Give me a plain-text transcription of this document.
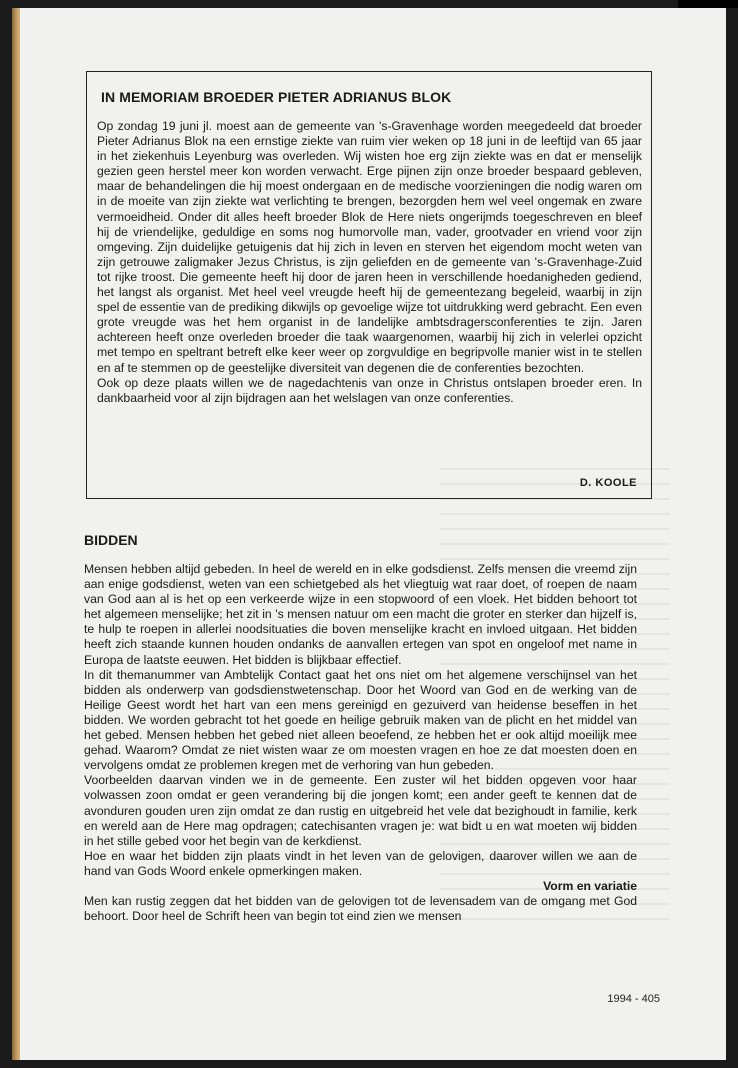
IN MEMORIAM BROEDER PIETER ADRIANUS BLOK

Op zondag 19 juni jl. moest aan de gemeente van 's-Gravenhage worden meegedeeld dat broeder Pieter Adrianus Blok na een ernstige ziekte van ruim vier weken op 18 juni in de leeftijd van 65 jaar in het ziekenhuis Leyenburg was overleden. Wij wisten hoe erg zijn ziekte was en dat er menselijk gezien geen herstel meer kon worden verwacht. Erge pijnen zijn onze broeder bespaard gebleven, maar de behandelingen die hij moest ondergaan en de medische voorzieningen die nodig waren om in de moeite van zijn ziekte wat verlichting te brengen, bezorgden hem wel veel ongemak en zware vermoeidheid. Onder dit alles heeft broeder Blok de Here niets ongerijmds toegeschreven en bleef hij de vriendelijke, geduldige en soms nog humorvolle man, vader, grootvader en vriend voor zijn omgeving. Zijn duidelijke getuigenis dat hij zich in leven en sterven het eigendom mocht weten van zijn getrouwe zaligmaker Jezus Christus, is zijn geliefden en de gemeente van 's-Gravenhage-Zuid tot rijke troost. Die gemeente heeft hij door de jaren heen in verschillende hoedanigheden gediend, het langst als organist. Met heel veel vreugde heeft hij de gemeentezang begeleid, waarbij in zijn spel de essentie van de prediking dikwijls op gevoelige wijze tot uitdrukking werd gebracht. Een even grote vreugde was het hem organist in de landelijke ambtsdragersconferenties te zijn. Jaren achtereen heeft onze overleden broeder die taak waargenomen, waarbij hij zich in velerlei opzicht met tempo en speltrant betreft elke keer weer op zorgvuldige en begripvolle manier wist in te stellen en af te stemmen op de geestelijke diversiteit van degenen die de conferenties bezochten.

Ook op deze plaats willen we de nagedachtenis van onze in Christus ontslapen broeder eren. In dankbaarheid voor al zijn bijdragen aan het welslagen van onze conferenties.

D. KOOLE
BIDDEN

Mensen hebben altijd gebeden. In heel de wereld en in elke godsdienst. Zelfs mensen die vreemd zijn aan enige godsdienst, weten van een schietgebed als het vliegtuig wat raar doet, of roepen de naam van God aan al is het op een verkeerde wijze in een stopwoord of een vloek. Het bidden behoort tot het algemeen menselijke; het zit in 's mensen natuur om een macht die groter en sterker dan hijzelf is, te hulp te roepen in allerlei noodsituaties die boven menselijke kracht en invloed uitgaan. Het bidden heeft zich staande kunnen houden ondanks de aanvallen ertegen van spot en ongeloof met name in Europa de laatste eeuwen. Het bidden is blijkbaar effectief.

In dit themanummer van Ambtelijk Contact gaat het ons niet om het algemene verschijnsel van het bidden als onderwerp van godsdienstwetenschap. Door het Woord van God en de werking van de Heilige Geest wordt het hart van een mens gereinigd en gezuiverd van heidense beseffen in het bidden. We worden gebracht tot het goede en heilige gebruik maken van de plicht en het middel van het gebed. Mensen hebben het gebed niet alleen beoefend, ze hebben het er ook altijd moeilijk mee gehad. Waarom? Omdat ze niet wisten waar ze om moesten vragen en hoe ze dat moesten doen en vervolgens omdat ze problemen kregen met de verhoring van hun gebeden.

Voorbeelden daarvan vinden we in de gemeente. Een zuster wil het bidden opgeven voor haar volwassen zoon omdat er geen verandering bij die jongen komt; een ander geeft te kennen dat de avonduren gouden uren zijn omdat ze dan rustig en uitgebreid het vele dat bezighoudt in familie, kerk en wereld aan de Here mag opdragen; catechisanten vragen je: wat bidt u en wat moeten wij bidden in het stille gebed voor het begin van de kerkdienst.

Hoe en waar het bidden zijn plaats vindt in het leven van de gelovigen, daarover willen we aan de hand van Gods Woord enkele opmerkingen maken.

Vorm en variatie

Men kan rustig zeggen dat het bidden van de gelovigen tot de levensadem van de omgang met God behoort. Door heel de Schrift heen van begin tot eind zien we mensen

1994 - 405
